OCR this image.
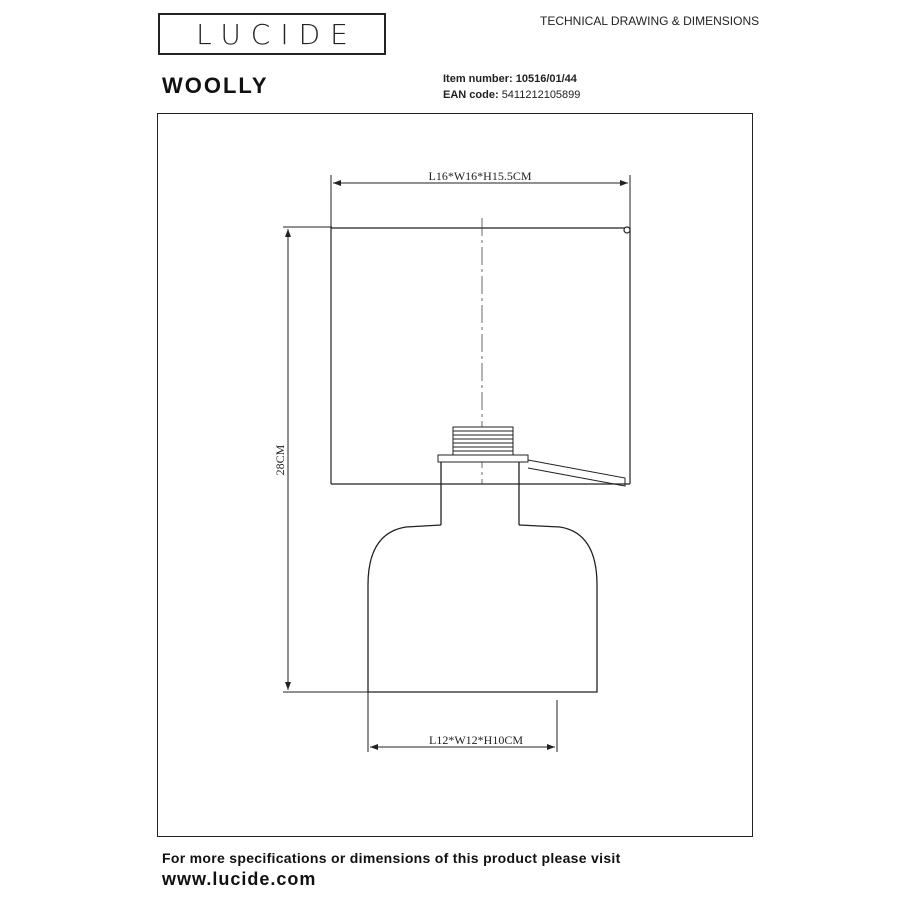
LUCIDE	TECHNICAL DRAWING & DIMENSIONS
WOOLLY	Item number: 10516/01/44
EAN code: 5411212105899
L16*W16*H15.5CM
28CM
L12*W12*H10CM
For more specifications or dimensions of this product please visit
www.lucide.com
